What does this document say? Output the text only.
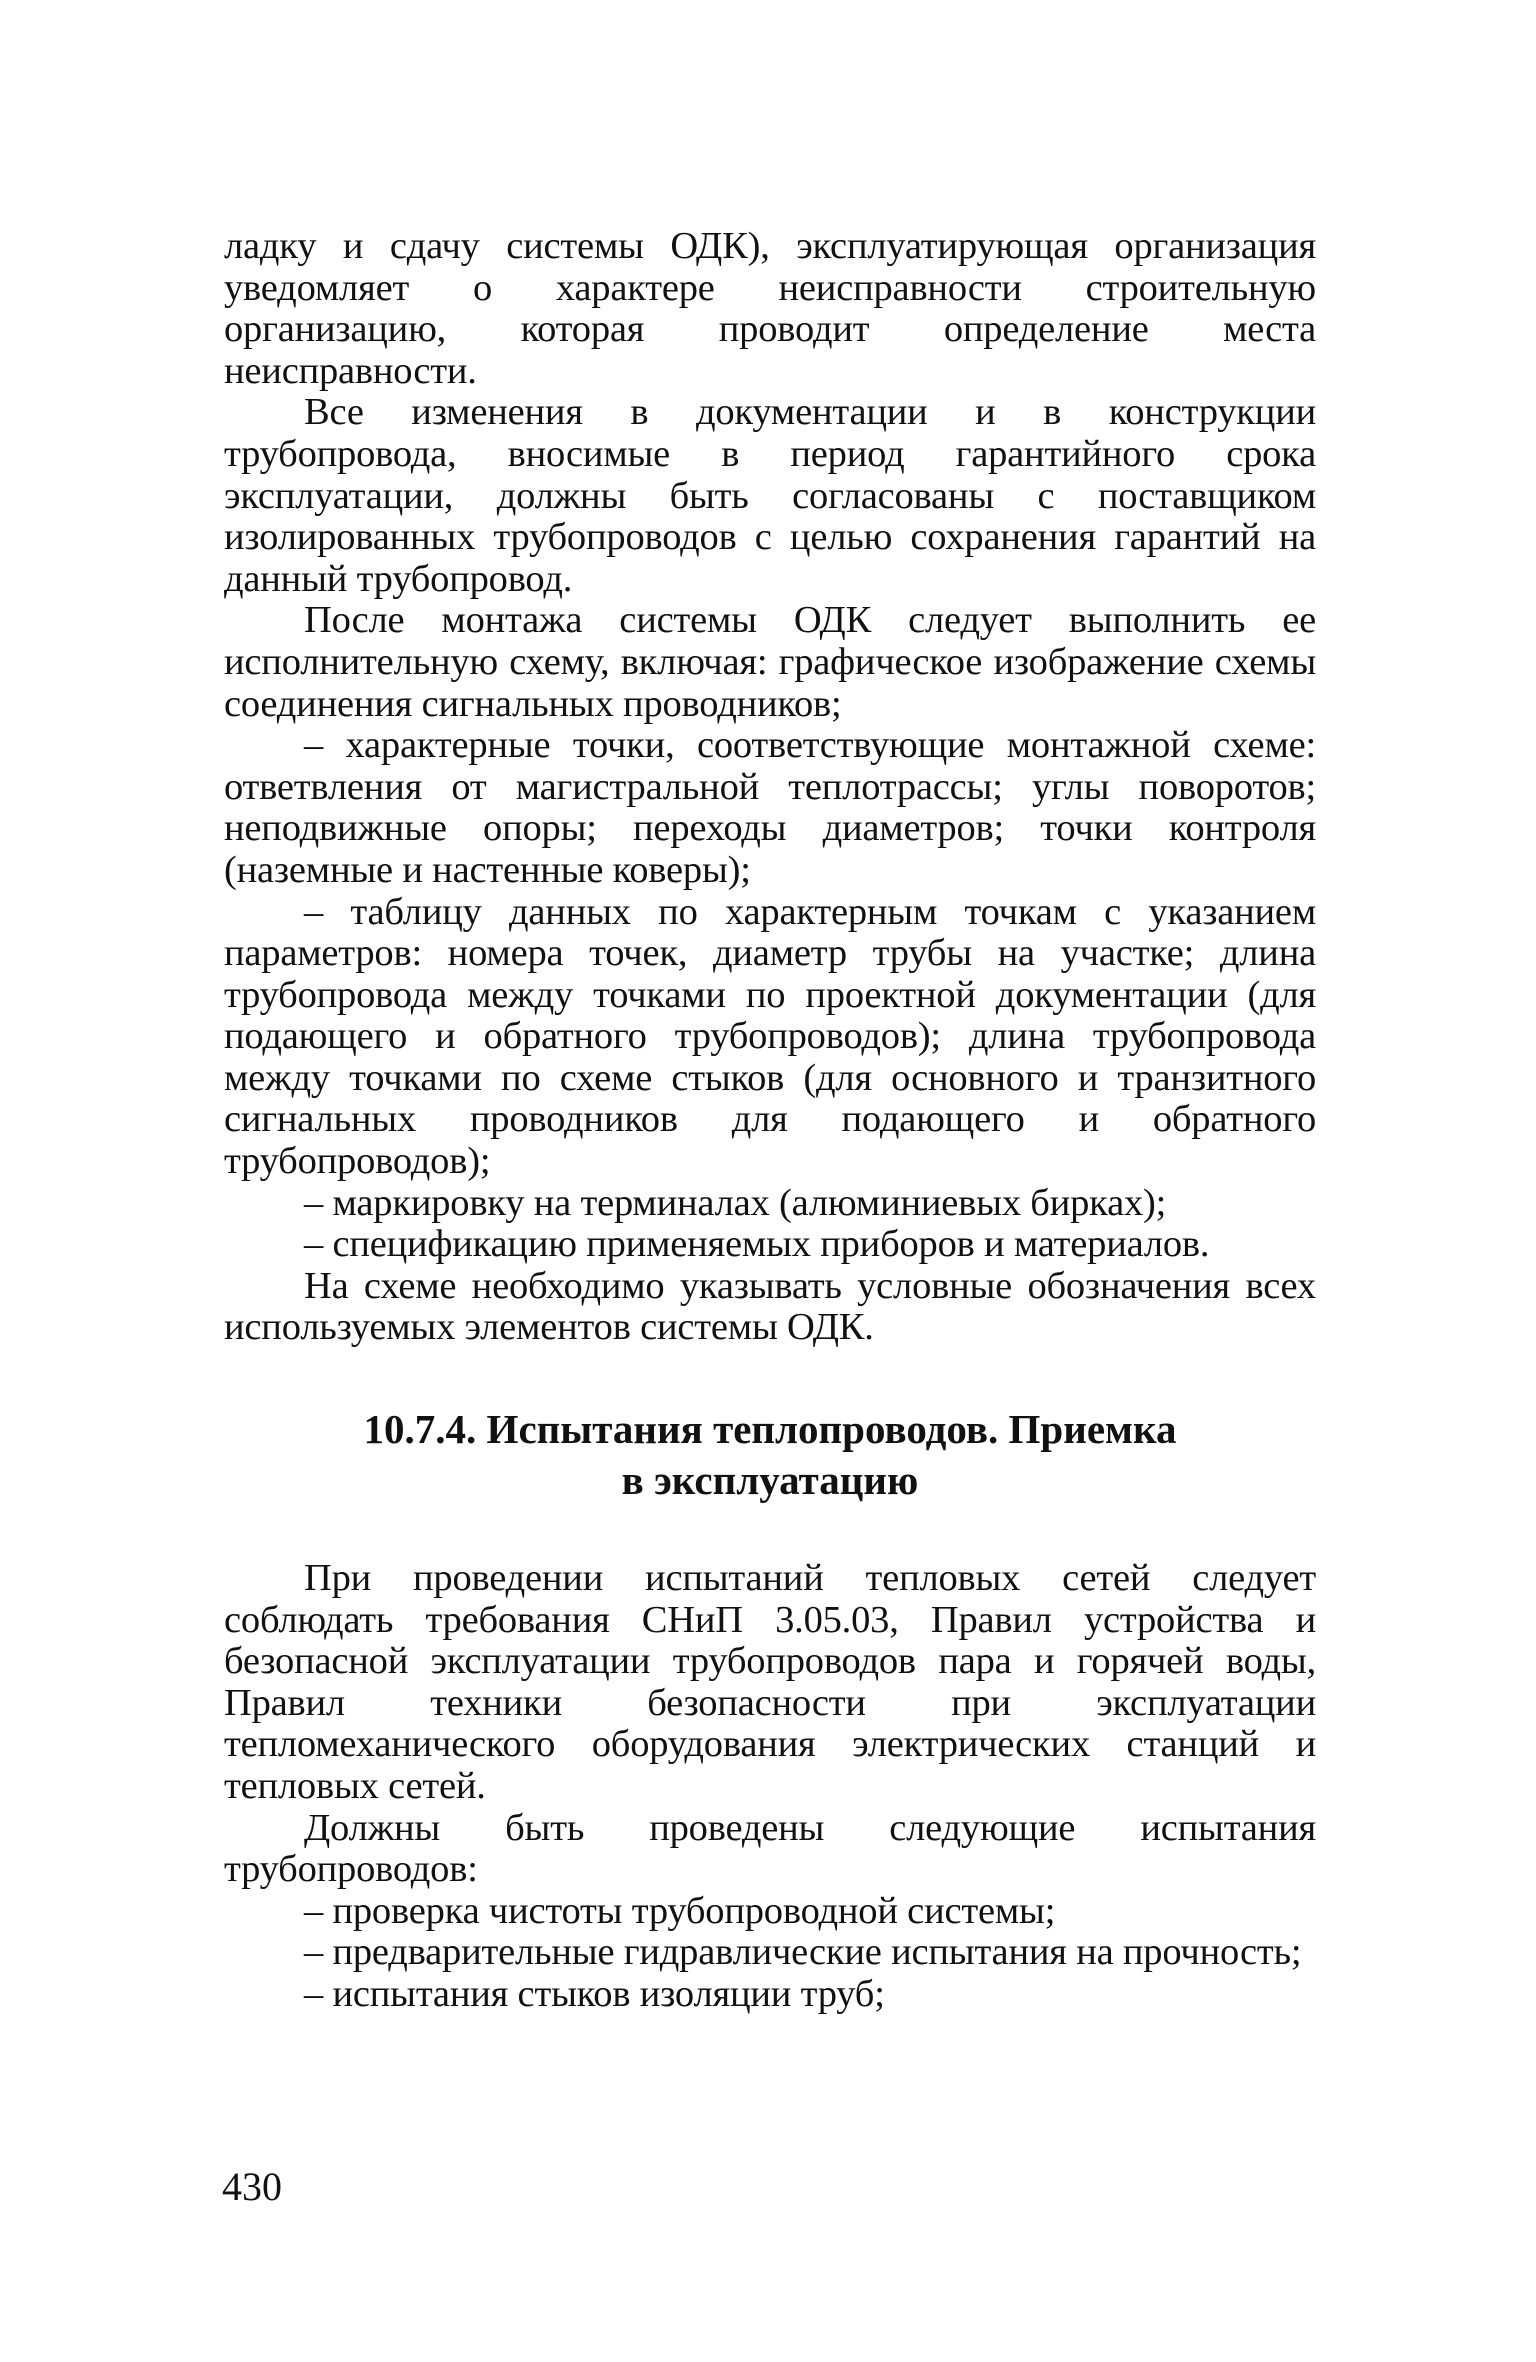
ладку и сдачу системы ОДК), эксплуатирующая организация уведомляет о характере неисправности строительную организацию, которая проводит определение места неисправности.

Все изменения в документации и в конструкции трубопровода, вносимые в период гарантийного срока эксплуатации, должны быть согласованы с поставщиком изолированных трубопроводов с целью сохранения гарантий на данный трубопровод.

После монтажа системы ОДК следует выполнить ее исполнительную схему, включая: графическое изображение схемы соединения сигнальных проводников;

– характерные точки, соответствующие монтажной схеме: ответвления от магистральной теплотрассы; углы поворотов; неподвижные опоры; переходы диаметров; точки контроля (наземные и настенные коверы);

– таблицу данных по характерным точкам с указанием параметров: номера точек, диаметр трубы на участке; длина трубопровода между точками по проектной документации (для подающего и обратного трубопроводов); длина трубопровода между точками по схеме стыков (для основного и транзитного сигнальных проводников для подающего и обратного трубопроводов);

– маркировку на терминалах (алюминиевых бирках);

– спецификацию применяемых приборов и материалов.

На схеме необходимо указывать условные обозначения всех используемых элементов системы ОДК.

10.7.4. Испытания теплопроводов. Приемка
в эксплуатацию

При проведении испытаний тепловых сетей следует соблюдать требования СНиП 3.05.03, Правил устройства и безопасной эксплуатации трубопроводов пара и горячей воды, Правил техники безопасности при эксплуатации тепломеханического оборудования электрических станций и тепловых сетей.

Должны быть проведены следующие испытания трубопроводов:

– проверка чистоты трубопроводной системы;

– предварительные гидравлические испытания на прочность;

– испытания стыков изоляции труб;

430
